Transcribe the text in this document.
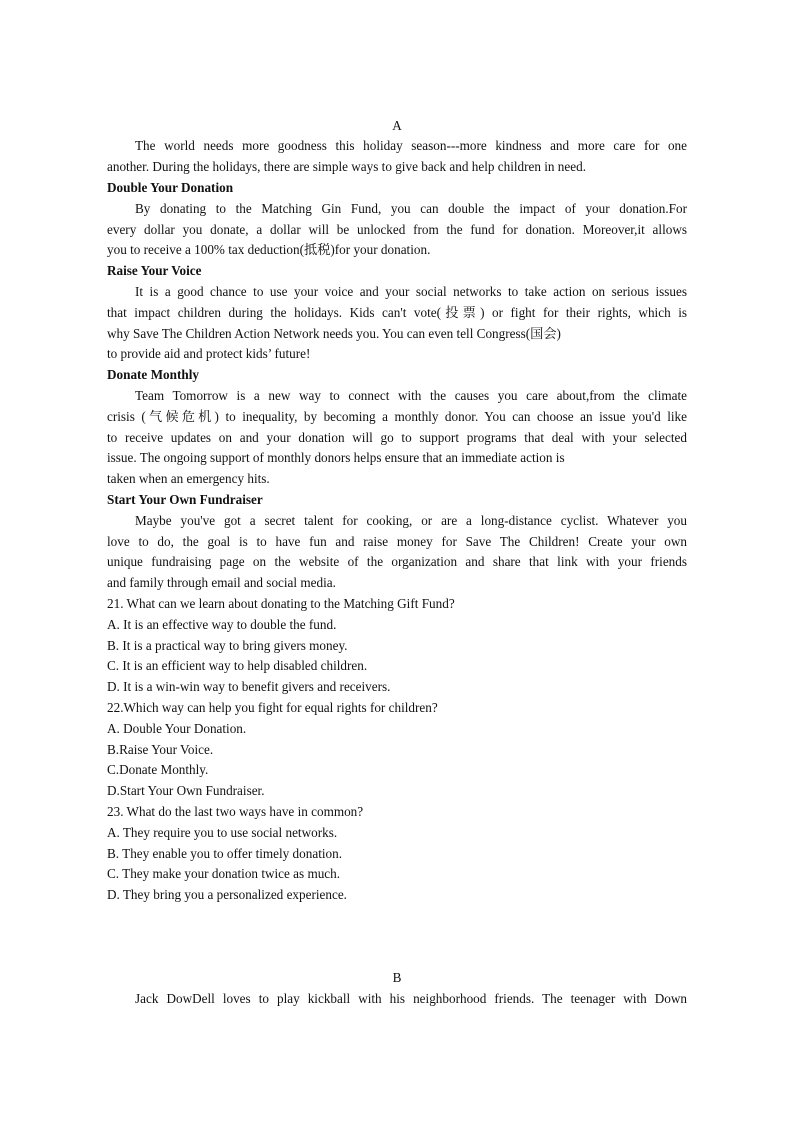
A
The world needs more goodness this holiday season---more kindness and more care for one
another. During the holidays, there are simple ways to give back and help children in need.
Double Your Donation
By donating to the Matching Gin Fund, you can double the impact of your donation.For
every dollar you donate, a dollar will be unlocked from the fund for donation. Moreover,it allows
you to receive a 100% tax deduction(抵税)for your donation.
Raise Your Voice
It is a good chance to use your voice and your social networks to take action on serious issues
that impact children during the holidays. Kids can't vote(投票) or fight for their rights, which is
why Save The Children Action Network needs you. You can even tell Congress(国会)
to provide aid and protect kids’ future!
Donate Monthly
Team Tomorrow is a new way to connect with the causes you care about,from the climate
crisis (气候危机) to inequality, by becoming a monthly donor. You can choose an issue you'd like
to receive updates on and your donation will go to support programs that deal with your selected
issue. The ongoing support of monthly donors helps ensure that an immediate action is
taken when an emergency hits.
Start Your Own Fundraiser
Maybe you've got a secret talent for cooking, or are a long-distance cyclist. Whatever you
love to do, the goal is to have fun and raise money for Save The Children! Create your own
unique fundraising page on the website of the organization and share that link with your friends
and family through email and social media.
21. What can we learn about donating to the Matching Gift Fund?
A. It is an effective way to double the fund.
B. It is a practical way to bring givers money.
C. It is an efficient way to help disabled children.
D. It is a win-win way to benefit givers and receivers.
22.Which way can help you fight for equal rights for children?
A. Double Your Donation.
B.Raise Your Voice.
C.Donate Monthly.
D.Start Your Own Fundraiser.
23. What do the last two ways have in common?
A. They require you to use social networks.
B. They enable you to offer timely donation.
C. They make your donation twice as much.
D. They bring you a personalized experience.
B
Jack DowDell loves to play kickball with his neighborhood friends. The teenager with Down
